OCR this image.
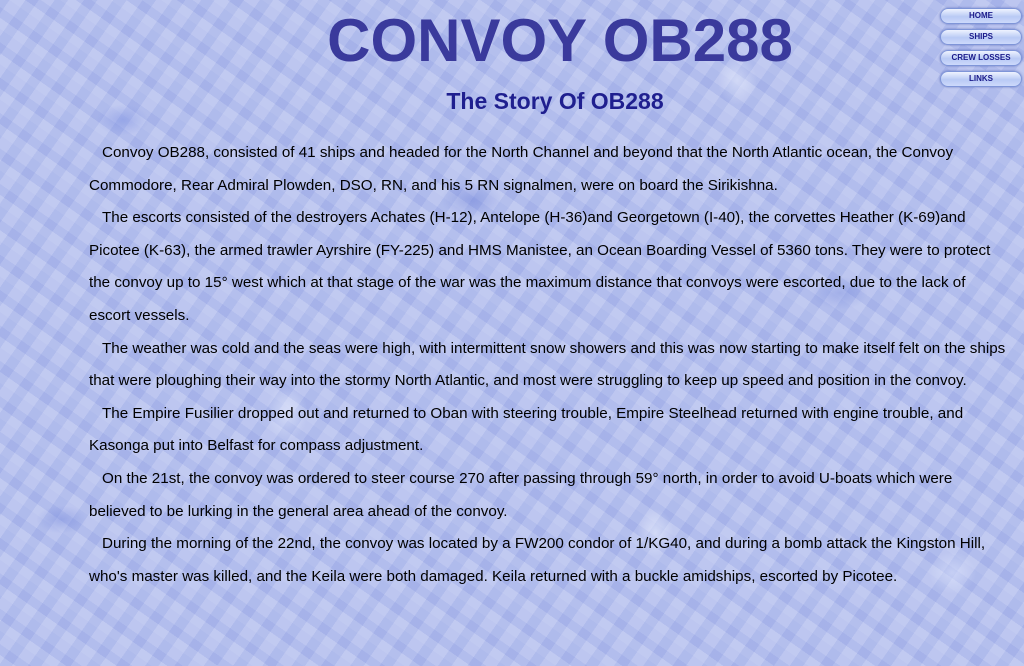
CONVOY OB288
The Story Of OB288
HOME
SHIPS
CREW LOSSES
LINKS

Convoy OB288, consisted of 41 ships and headed for the North Channel and beyond that the North Atlantic ocean, the Convoy Commodore, Rear Admiral Plowden, DSO, RN, and his 5 RN signalmen, were on board the Sirikishna.

The escorts consisted of the destroyers Achates (H-12), Antelope (H-36)and Georgetown (I-40), the corvettes Heather (K-69)and Picotee (K-63), the armed trawler Ayrshire (FY-225) and HMS Manistee, an Ocean Boarding Vessel of 5360 tons. They were to protect the convoy up to 15° west which at that stage of the war was the maximum distance that convoys were escorted, due to the lack of escort vessels.

The weather was cold and the seas were high, with intermittent snow showers and this was now starting to make itself felt on the ships that were ploughing their way into the stormy North Atlantic, and most were struggling to keep up speed and position in the convoy.

The Empire Fusilier dropped out and returned to Oban with steering trouble, Empire Steelhead returned with engine trouble, and Kasonga put into Belfast for compass adjustment.

On the 21st, the convoy was ordered to steer course 270 after passing through 59° north, in order to avoid U-boats which were believed to be lurking in the general area ahead of the convoy.

During the morning of the 22nd, the convoy was located by a FW200 condor of 1/KG40, and during a bomb attack the Kingston Hill, who's master was killed, and the Keila were both damaged. Keila returned with a buckle amidships, escorted by Picotee.
